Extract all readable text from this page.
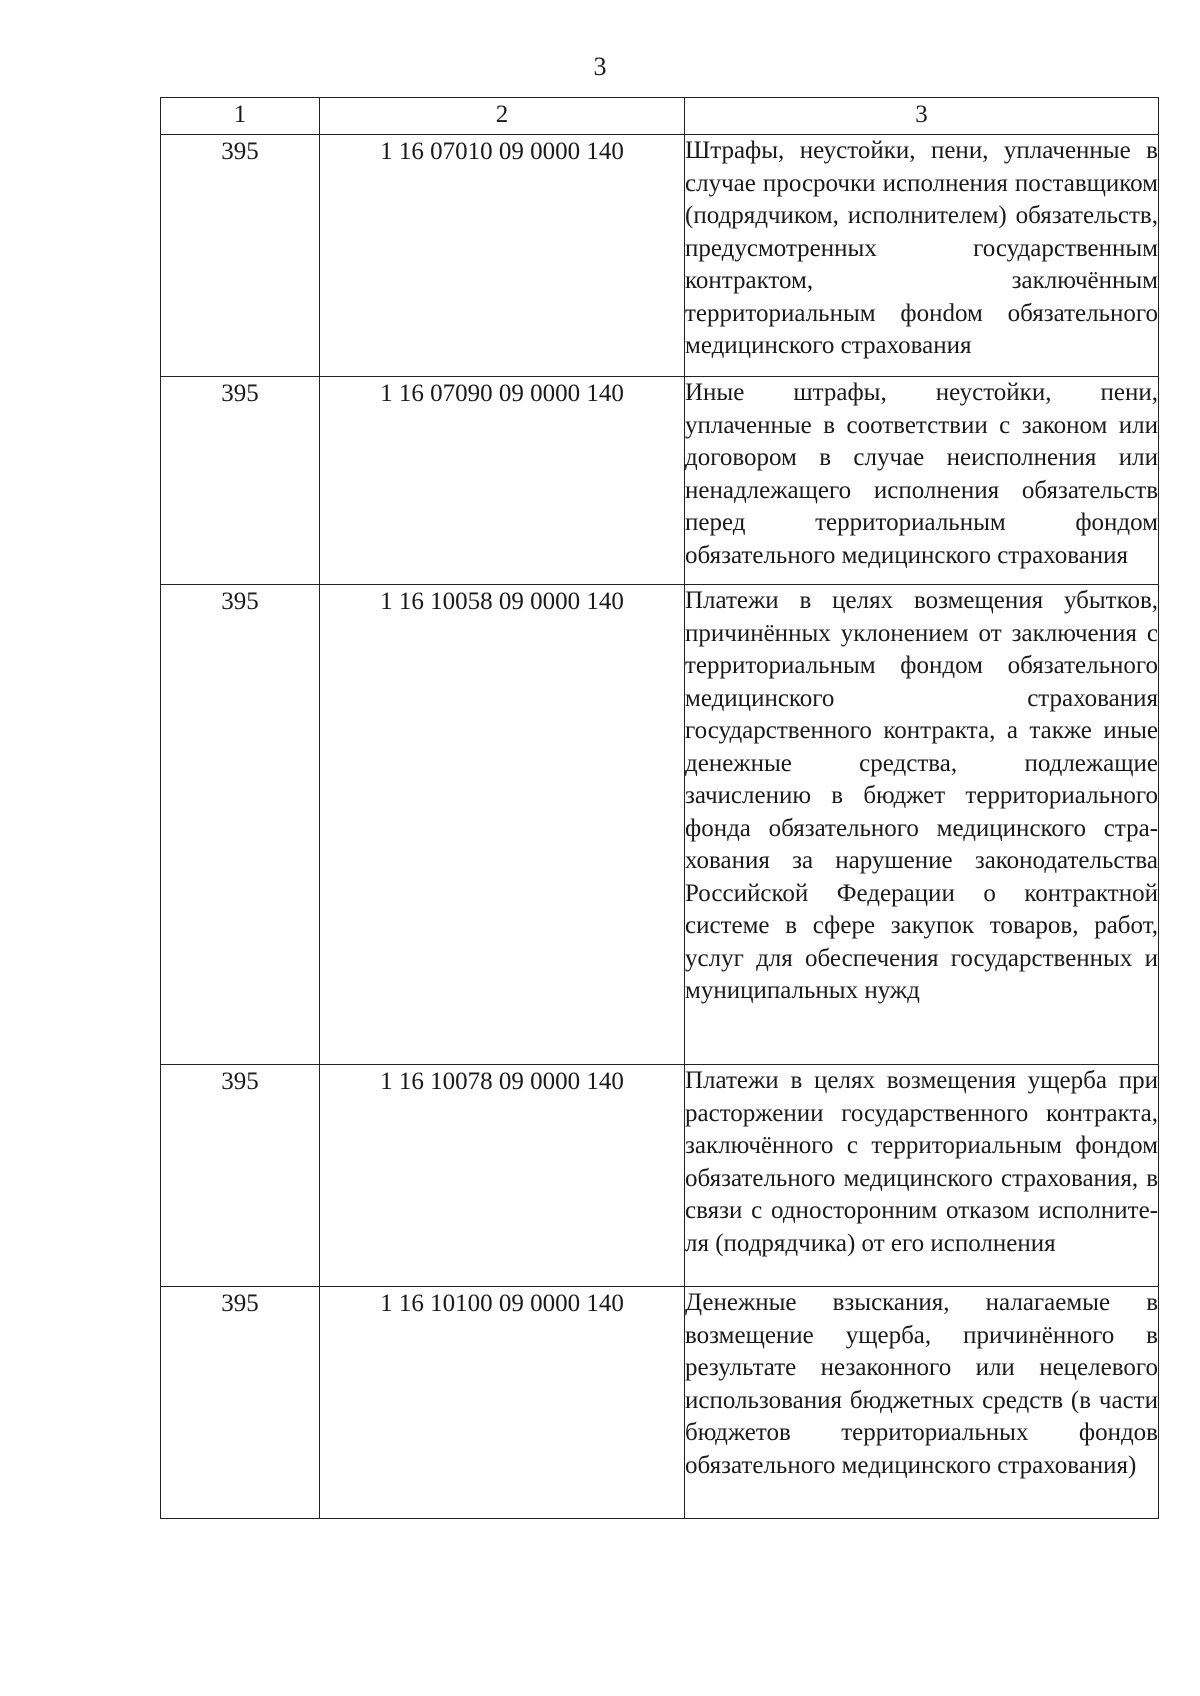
3
1	2	3
395	1 16 07010 09 0000 140	Штрафы, неустойки, пени, уплаченные в случае просрочки исполнения поставщиком (подрядчиком, исполнителем) обязательств, предусмотренных государственным контрактом, заключённым территориальным фонdом обязательного медицинского страхования
395	1 16 07090 09 0000 140	Иные штрафы, неустойки, пени, уплаченные в соответствии с законом или договором в случае неисполнения или ненадлежащего исполнения обязательств перед территориальным фондом обязательного медицинского страхования
395	1 16 10058 09 0000 140	Платежи в целях возмещения убытков, причинённых уклонением от заключения с территориальным фондом обязательного медицинского страхования государственного контракта, а также иные денежные средства, подлежащие зачислению в бюджет территориального фонда обязательного медицинского страхования за нарушение законодательства Российской Федерации о контрактной системе в сфере закупок товаров, работ, услуг для обеспечения государственных и муниципальных нужд
395	1 16 10078 09 0000 140	Платежи в целях возмещения ущерба при расторжении государственного контракта, заключённого с территориальным фондом обязательного медицинского страхования, в связи с односторонним отказом исполнителя (подрядчика) от его исполнения
395	1 16 10100 09 0000 140	Денежные взыскания, налагаемые в возмещение ущерба, причинённого в результате незаконного или нецелевого использования бюджетных средств (в части бюджетов территориальных фондов обязательного медицинского страхования)
